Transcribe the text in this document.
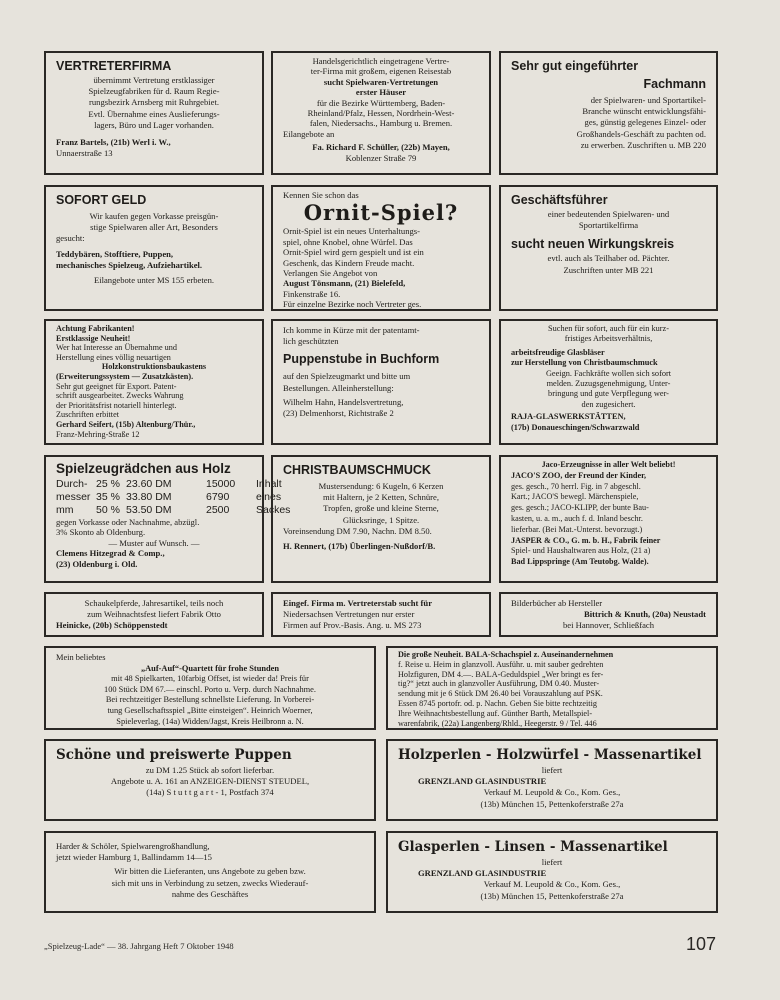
VERTRETERFIRMA
übernimmt Vertretung erstklassiger
Spielzeugfabriken für d. Raum Regie-
rungsbezirk Arnsberg mit Ruhrgebiet.
Evtl. Übernahme eines Auslieferungs-
lagers, Büro und Lager vorhanden.
Franz Bartels, (21b) Werl i. W.,
Unnaerstraße 13
Handelsgerichtlich eingetragene Vertre-
ter-Firma mit großem, eigenen Reisestab
sucht Spielwaren-Vertretungen
erster Häuser
für die Bezirke Württemberg, Baden-
Rheinland/Pfalz, Hessen, Nordrhein-West-
falen, Niedersachs., Hamburg u. Bremen.
Eilangebote an
Fa. Richard F. Schüller, (22b) Mayen,
Koblenzer Straße 79
Sehr gut eingeführter
Fachmann
der Spielwaren- und Sportartikel-
Branche wünscht entwicklungsfähi-
ges, günstig gelegenes Einzel- oder
Großhandels-Geschäft zu pachten od.
zu erwerben. Zuschriften u. MB 220
SOFORT GELD
Wir kaufen gegen Vorkasse preisgün-
stige Spielwaren aller Art, Besonders
gesucht:
Teddybären, Stofftiere, Puppen,
mechanisches Spielzeug, Aufziehartikel.
Eilangebote unter MS 155 erbeten.
Kennen Sie schon das
Ornit-Spiel?
Ornit-Spiel ist ein neues Unterhaltungs-
spiel, ohne Knobel, ohne Würfel. Das
Ornit-Spiel wird gern gespielt und ist ein
Geschenk, das Kindern Freude macht.
Verlangen Sie Angebot von
August Tönsmann, (21) Bielefeld,
Finkenstraße 16.
Für einzelne Bezirke noch Vertreter ges.
Geschäftsführer
einer bedeutenden Spielwaren- und
Sportartikelfirma
sucht neuen Wirkungskreis
evtl. auch als Teilhaber od. Pächter.
Zuschriften unter MB 221
Achtung Fabrikanten!
Erstklassige Neuheit!
Wer hat Interesse an Übernahme und
Herstellung eines völlig neuartigen
Holzkonstruktionsbaukastens
(Erweiterungssystem — Zusatzkästen).
Sehr gut geeignet für Export. Patent-
schrift ausgearbeitet. Zwecks Wahrung
der Prioritätsfrist notariell hinterlegt.
Zuschriften erbittet
Gerhard Seifert, (15b) Altenburg/Thür.,
Franz-Mehring-Straße 12
Ich komme in Kürze mit der patentamt-
lich geschützten
Puppenstube in Buchform
auf den Spielzeugmarkt und bitte um
Bestellungen. Alleinherstellung:
Wilhelm Hahn, Handelsvertretung,
(23) Delmenhorst, Richtstraße 2
Suchen für sofort, auch für ein kurz-
fristiges Arbeitsverhältnis,
arbeitsfreudige Glasbläser
zur Herstellung von Christbaumschmuck
Geeign. Fachkräfte wollen sich sofort
melden. Zuzugsgenehmigung, Unter-
bringung und gute Verpflegung wer-
den zugesichert.
RAJA-GLASWERKSTÄTTEN,
(17b) Donaueschingen/Schwarzwald
Spielzeugrädchen aus Holz
Durch- 25 % 23.60 DM	15000	Inhalt
messer 35 % 33.80 DM	6790	eines
mm	50 % 53.50 DM	2500	Sackes
gegen Vorkasse oder Nachnahme, abzügl.
3% Skonto ab Oldenburg.
— Muster auf Wunsch. —
Clemens Hitzegrad & Comp.,
(23) Oldenburg i. Old.
CHRISTBAUMSCHMUCK
Mustersendung: 6 Kugeln, 6 Kerzen
mit Haltern, je 2 Ketten, Schnüre,
Tropfen, große und kleine Sterne,
Glücksringe, 1 Spitze.
Voreinsendung DM 7.90, Nachn. DM 8.50.
H. Rennert, (17b) Überlingen-Nußdorf/B.
Jaco-Erzeugnisse in aller Welt beliebt!
JACO'S ZOO, der Freund der Kinder,
ges. gesch., 70 herrl. Fig. in 7 abgeschl.
Kart.; JACO'S bewegl. Märchenspiele,
ges. gesch.; JACO-KLIPP, der bunte Bau-
kasten, u. a. m., auch f. d. Inland beschr.
lieferbar. (Bei Mat.-Unterst. bevorzugt.)
JASPER & CO., G. m. b. H., Fabrik feiner
Spiel- und Haushaltwaren aus Holz, (21 a)
Bad Lippspringe (Am Teutobg. Walde).
Schaukelpferde, Jahresartikel, teils noch
zum Weihnachtsfest liefert Fabrik Otto
Heinicke, (20b) Schöppenstedt
Eingef. Firma m. Vertreterstab sucht für
Niedersachsen Vertretungen nur erster
Firmen auf Prov.-Basis. Ang. u. MS 273
Bilderbücher ab Hersteller
Bittrich & Knuth, (20a) Neustadt
bei Hannover, Schließfach
Mein beliebtes
„Auf-Auf“-Quartett für frohe Stunden
mit 48 Spielkarten, 10farbig Offset, ist wieder da! Preis für
100 Stück DM 67.— einschl. Porto u. Verp. durch Nachnahme.
Bei rechtzeitiger Bestellung schnellste Lieferung. In Vorberei-
tung Gesellschaftsspiel „Bitte einsteigen“. Heinrich Woerner,
Spieleverlag, (14a) Widden/Jagst, Kreis Heilbronn a. N.
Die große Neuheit. BALA-Schachspiel z. Auseinandernehmen
f. Reise u. Heim in glanzvoll. Ausführ. u. mit sauber gedrehten
Holzfiguren, DM 4.—. BALA-Geduldspiel „Wer bringt es fer-
tig?“ jetzt auch in glanzvoller Ausführung, DM 0.40. Muster-
sendung mit je 6 Stück DM 26.40 bei Vorauszahlung auf PSK.
Essen 8745 portofr. od. p. Nachn. Geben Sie bitte rechtzeitig
Ihre Weihnachtsbestellung auf. Günther Barth, Metallspiel-
warenfabrik, (22a) Langenberg/Rhld., Heegerstr. 9 / Tel. 446
Schöne und preiswerte Puppen
zu DM 1.25 Stück ab sofort lieferbar.
Angebote u. A. 161 an ANZEIGEN-DIENST STEUDEL,
(14a) S t u t t g a r t - 1, Postfach 374
Holzperlen - Holzwürfel - Massenartikel
liefert
GRENZLAND GLASINDUSTRIE
Verkauf M. Leupold & Co., Kom. Ges.,
(13b) München 15, Pettenkoferstraße 27a
Harder & Schöler, Spielwarengroßhandlung,
jetzt wieder Hamburg 1, Ballindamm 14—15
Wir bitten die Lieferanten, uns Angebote zu geben bzw.
sich mit uns in Verbindung zu setzen, zwecks Wiederauf-
nahme des Geschäftes
Glasperlen - Linsen - Massenartikel
liefert
GRENZLAND GLASINDUSTRIE
Verkauf M. Leupold & Co., Kom. Ges.,
(13b) München 15, Pettenkoferstraße 27a
„Spielzeug-Lade“ — 38. Jahrgang Heft 7 Oktober 1948	107
